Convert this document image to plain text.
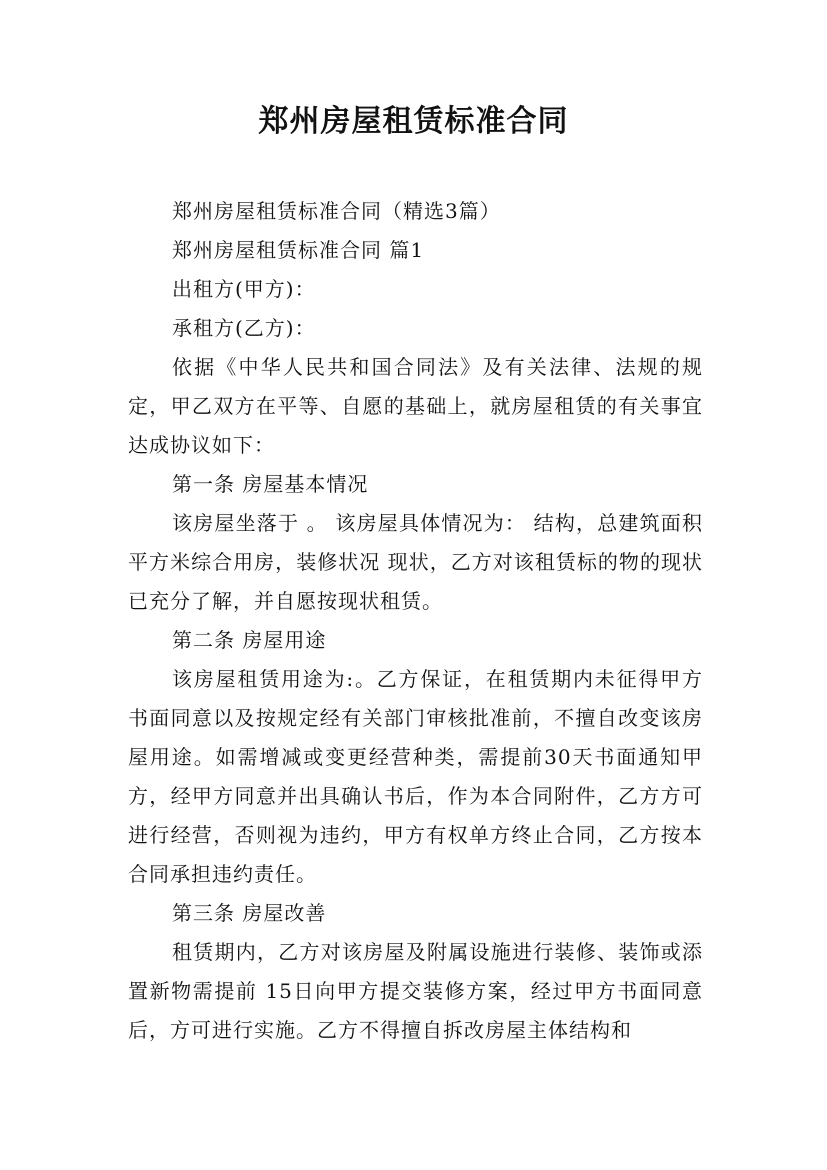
郑州房屋租赁标准合同

郑州房屋租赁标准合同（精选3篇）

郑州房屋租赁标准合同 篇1

出租方(甲方)：

承租方(乙方)：

依据《中华人民共和国合同法》及有关法律、法规的规定，甲乙双方在平等、自愿的基础上，就房屋租赁的有关事宜达成协议如下：

第一条 房屋基本情况

该房屋坐落于 。 该房屋具体情况为： 结构，总建筑面积 平方米综合用房，装修状况 现状，乙方对该租赁标的物的现状已充分了解，并自愿按现状租赁。

第二条 房屋用途

该房屋租赁用途为:。乙方保证，在租赁期内未征得甲方书面同意以及按规定经有关部门审核批准前，不擅自改变该房屋用途。如需增减或变更经营种类，需提前30天书面通知甲方，经甲方同意并出具确认书后，作为本合同附件，乙方方可进行经营，否则视为违约，甲方有权单方终止合同，乙方按本合同承担违约责任。

第三条 房屋改善

租赁期内，乙方对该房屋及附属设施进行装修、装饰或添置新物需提前 15日向甲方提交装修方案，经过甲方书面同意后，方可进行实施。乙方不得擅自拆改房屋主体结构和
